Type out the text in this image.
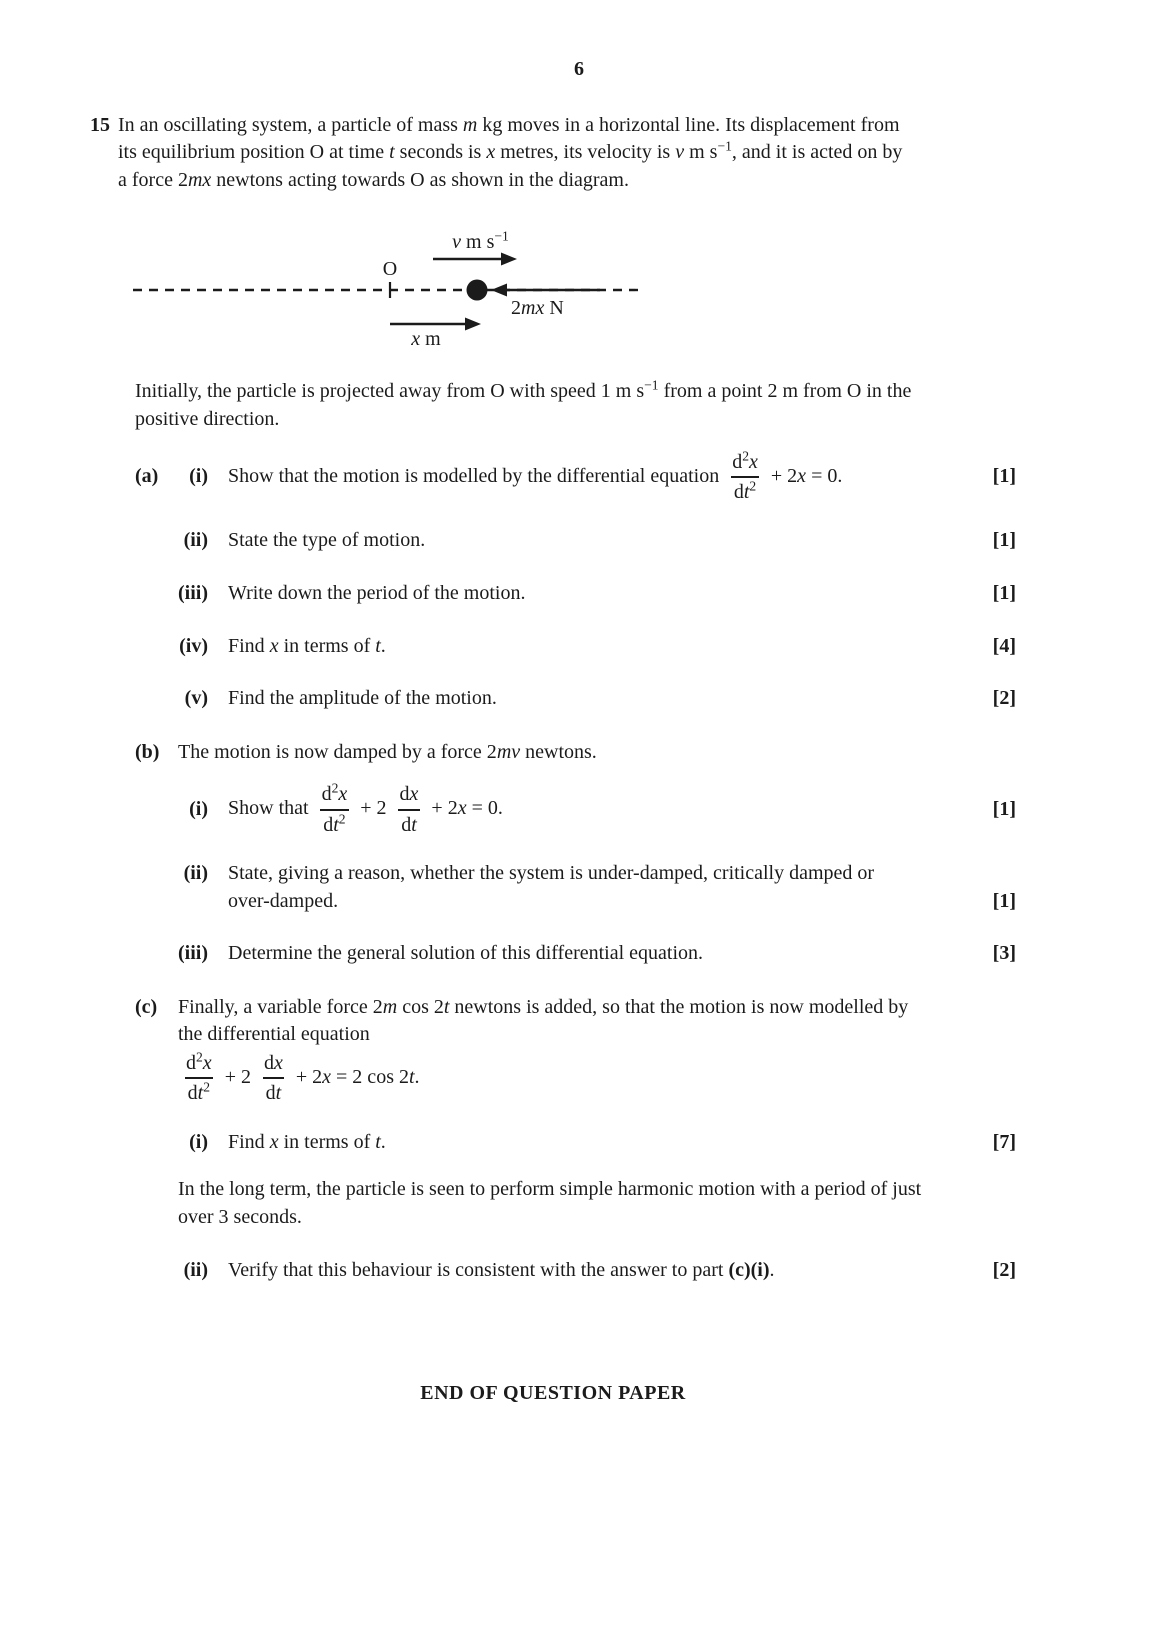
6
15 In an oscillating system, a particle of mass m kg moves in a horizontal line. Its displacement from
its equilibrium position O at time t seconds is x metres, its velocity is v m $s^{-1}$, and it is acted on by
a force 2mx newtons acting towards O as shown in the diagram.
O
v m $s^{-1}$
2mx N
x m
Initially, the particle is projected away from O with speed 1 m $s^{-1}$ from a point 2 m from O in the
positive direction.
(a) (i)	Show that the motion is modelled by the differential equation $\frac{d^2x}{dt^2} + 2x = 0$.	[1]
(ii)	State the type of motion.	[1]
(iii)	Write down the period of the motion.	[1]
(iv)	Find x in terms of t.	[4]
(v)	Find the amplitude of the motion.	[2]
(b) The motion is now damped by a force 2mv newtons.
(i)	Show that $\frac{d^2x}{dt^2} + 2 \frac{dx}{dt} + 2x = 0$.	[1]
(ii)	State, giving a reason, whether the system is under-damped, critically damped or
over-damped.	[1]
(iii)	Determine the general solution of this differential equation.	[3]
(c)	Finally, a variable force 2m cos 2t newtons is added, so that the motion is now modelled by
the differential equation
$\frac{d^2x}{dt^2} + 2 \frac{dx}{dt} + 2x = 2$ cos 2t.
(i)	Find x in terms of t.	[7]
In the long term, the particle is seen to perform simple harmonic motion with a period of just
over 3 seconds.
(ii)	Verify that this behaviour is consistent with the answer to part (c)(i).	[2]
END OF QUESTION PAPER
